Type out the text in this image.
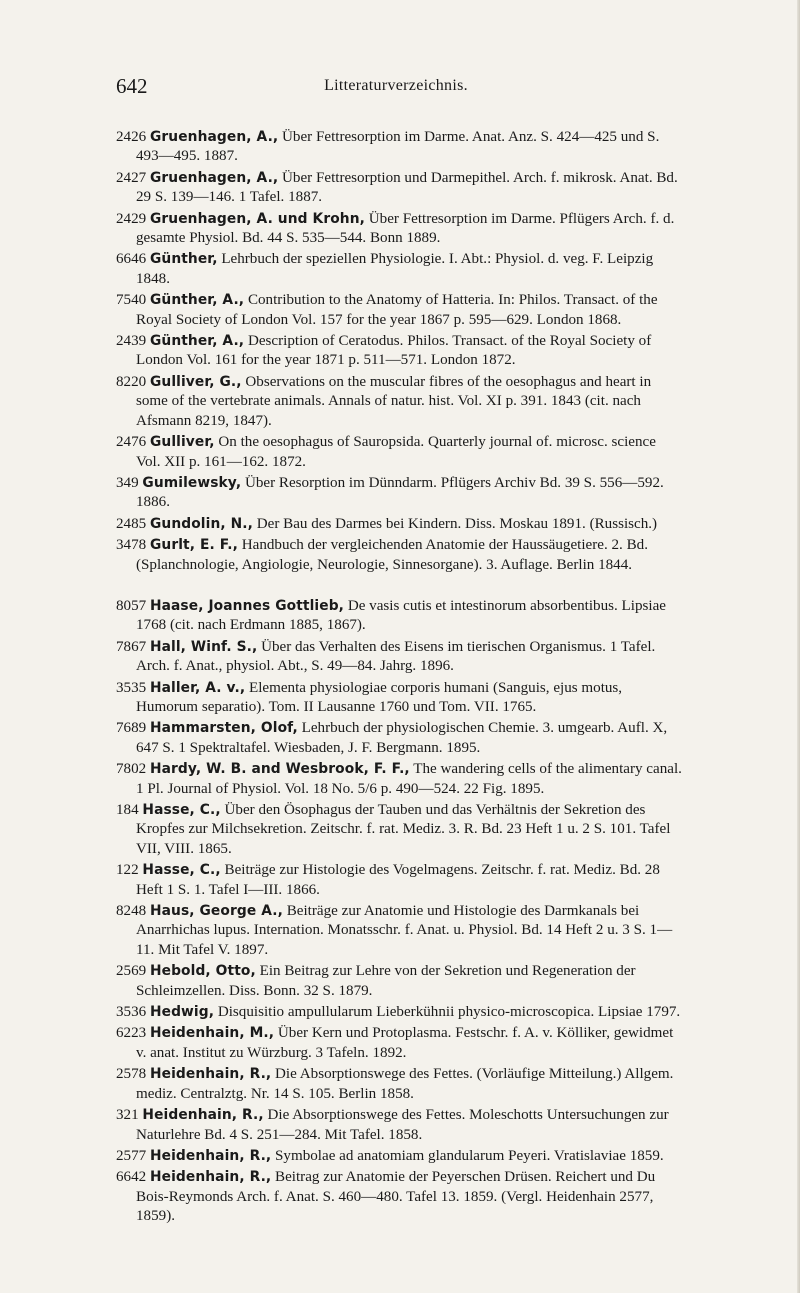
642	Litteraturverzeichnis.

2426 Gruenhagen, A., Über Fettresorption im Darme. Anat. Anz. S. 424—425 und S. 493—495. 1887.

2427 Gruenhagen, A., Über Fettresorption und Darmepithel. Arch. f. mikrosk. Anat. Bd. 29 S. 139—146. 1 Tafel. 1887.

2429 Gruenhagen, A. und Krohn, Über Fettresorption im Darme. Pflügers Arch. f. d. gesamte Physiol. Bd. 44 S. 535—544. Bonn 1889.

6646 Günther, Lehrbuch der speziellen Physiologie. I. Abt.: Physiol. d. veg. F. Leipzig 1848.

7540 Günther, A., Contribution to the Anatomy of Hatteria. In: Philos. Transact. of the Royal Society of London Vol. 157 for the year 1867 p. 595—629. London 1868.

2439 Günther, A., Description of Ceratodus. Philos. Transact. of the Royal Society of London Vol. 161 for the year 1871 p. 511—571. London 1872.

8220 Gulliver, G., Observations on the muscular fibres of the oesophagus and heart in some of the vertebrate animals. Annals of natur. hist. Vol. XI p. 391. 1843 (cit. nach Afsmann 8219, 1847).

2476 Gulliver, On the oesophagus of Sauropsida. Quarterly journal of. microsc. science Vol. XII p. 161—162. 1872.

349 Gumilewsky, Über Resorption im Dünndarm. Pflügers Archiv Bd. 39 S. 556—592. 1886.

2485 Gundolin, N., Der Bau des Darmes bei Kindern. Diss. Moskau 1891. (Russisch.)

3478 Gurlt, E. F., Handbuch der vergleichenden Anatomie der Haussäugetiere. 2. Bd. (Splanchnologie, Angiologie, Neurologie, Sinnesorgane). 3. Auflage. Berlin 1844.

8057 Haase, Joannes Gottlieb, De vasis cutis et intestinorum absorbentibus. Lipsiae 1768 (cit. nach Erdmann 1885, 1867).

7867 Hall, Winf. S., Über das Verhalten des Eisens im tierischen Organismus. 1 Tafel. Arch. f. Anat., physiol. Abt., S. 49—84. Jahrg. 1896.

3535 Haller, A. v., Elementa physiologiae corporis humani (Sanguis, ejus motus, Humorum separatio). Tom. II Lausanne 1760 und Tom. VII. 1765.

7689 Hammarsten, Olof, Lehrbuch der physiologischen Chemie. 3. umgearb. Aufl. X, 647 S. 1 Spektraltafel. Wiesbaden, J. F. Bergmann. 1895.

7802 Hardy, W. B. and Wesbrook, F. F., The wandering cells of the alimentary canal. 1 Pl. Journal of Physiol. Vol. 18 No. 5/6 p. 490—524. 22 Fig. 1895.

184 Hasse, C., Über den Ösophagus der Tauben und das Verhältnis der Sekretion des Kropfes zur Milchsekretion. Zeitschr. f. rat. Mediz. 3. R. Bd. 23 Heft 1 u. 2 S. 101. Tafel VII, VIII. 1865.

122 Hasse, C., Beiträge zur Histologie des Vogelmagens. Zeitschr. f. rat. Mediz. Bd. 28 Heft 1 S. 1. Tafel I—III. 1866.

8248 Haus, George A., Beiträge zur Anatomie und Histologie des Darmkanals bei Anarrhichas lupus. Internation. Monatsschr. f. Anat. u. Physiol. Bd. 14 Heft 2 u. 3 S. 1—11. Mit Tafel V. 1897.

2569 Hebold, Otto, Ein Beitrag zur Lehre von der Sekretion und Regeneration der Schleimzellen. Diss. Bonn. 32 S. 1879.

3536 Hedwig, Disquisitio ampullularum Lieberkühnii physico-microscopica. Lipsiae 1797.

6223 Heidenhain, M., Über Kern und Protoplasma. Festschr. f. A. v. Kölliker, gewidmet v. anat. Institut zu Würzburg. 3 Tafeln. 1892.

2578 Heidenhain, R., Die Absorptionswege des Fettes. (Vorläufige Mitteilung.) Allgem. mediz. Centralztg. Nr. 14 S. 105. Berlin 1858.

321 Heidenhain, R., Die Absorptionswege des Fettes. Moleschotts Untersuchungen zur Naturlehre Bd. 4 S. 251—284. Mit Tafel. 1858.

2577 Heidenhain, R., Symbolae ad anatomiam glandularum Peyeri. Vratislaviae 1859.

6642 Heidenhain, R., Beitrag zur Anatomie der Peyerschen Drüsen. Reichert und Du Bois-Reymonds Arch. f. Anat. S. 460—480. Tafel 13. 1859. (Vergl. Heidenhain 2577, 1859).
